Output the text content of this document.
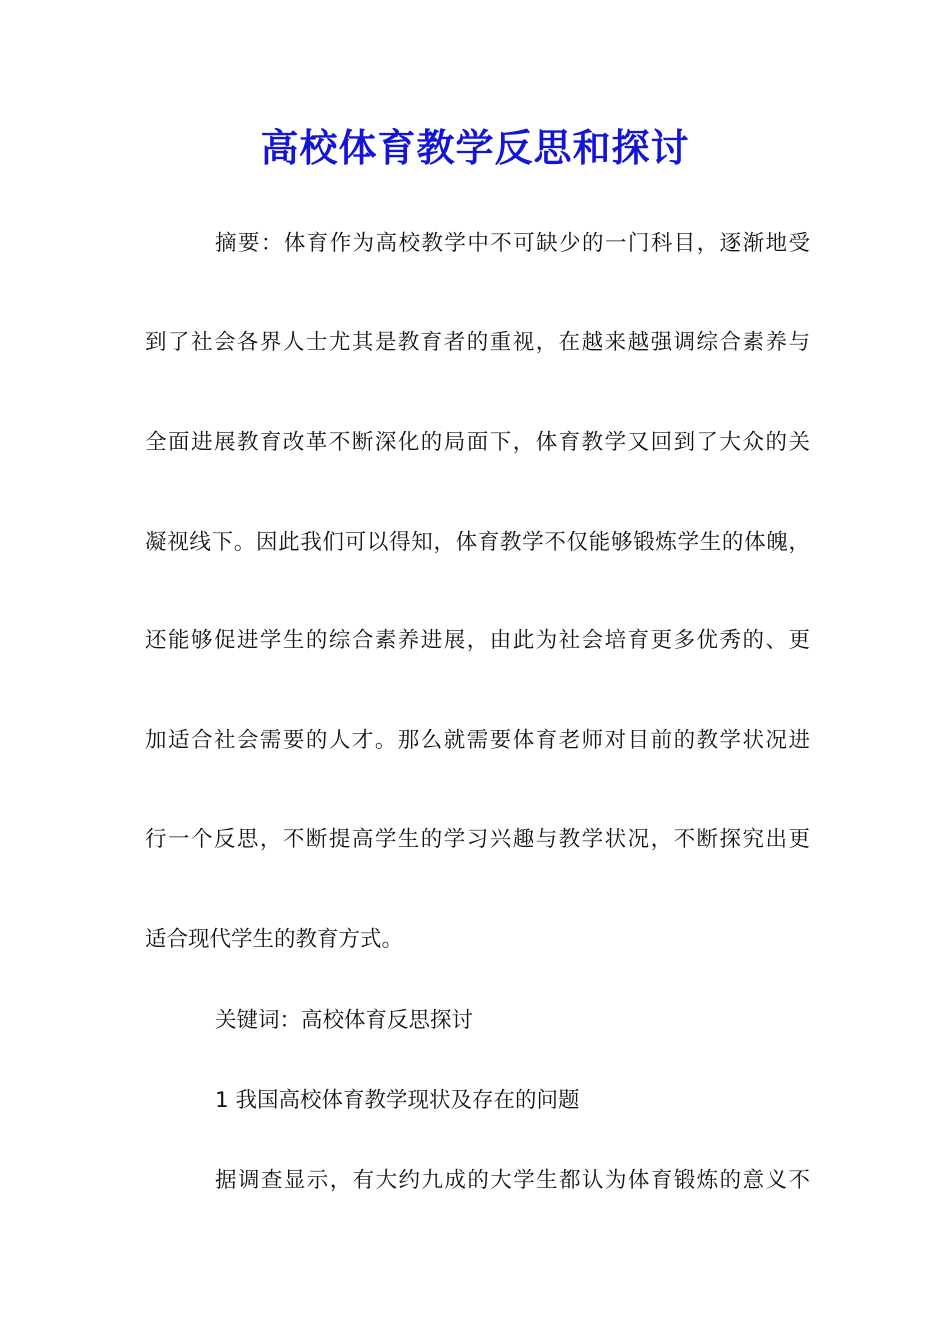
高校体育教学反思和探讨
摘要：体育作为高校教学中不可缺少的一门科目，逐渐地受
到了社会各界人士尤其是教育者的重视，在越来越强调综合素养与
全面进展教育改革不断深化的局面下，体育教学又回到了大众的关
凝视线下。因此我们可以得知，体育教学不仅能够锻炼学生的体魄，
还能够促进学生的综合素养进展，由此为社会培育更多优秀的、更
加适合社会需要的人才。那么就需要体育老师对目前的教学状况进
行一个反思，不断提高学生的学习兴趣与教学状况，不断探究出更
适合现代学生的教育方式。
关键词：高校体育反思探讨
1 我国高校体育教学现状及存在的问题
据调查显示，有大约九成的大学生都认为体育锻炼的意义不
